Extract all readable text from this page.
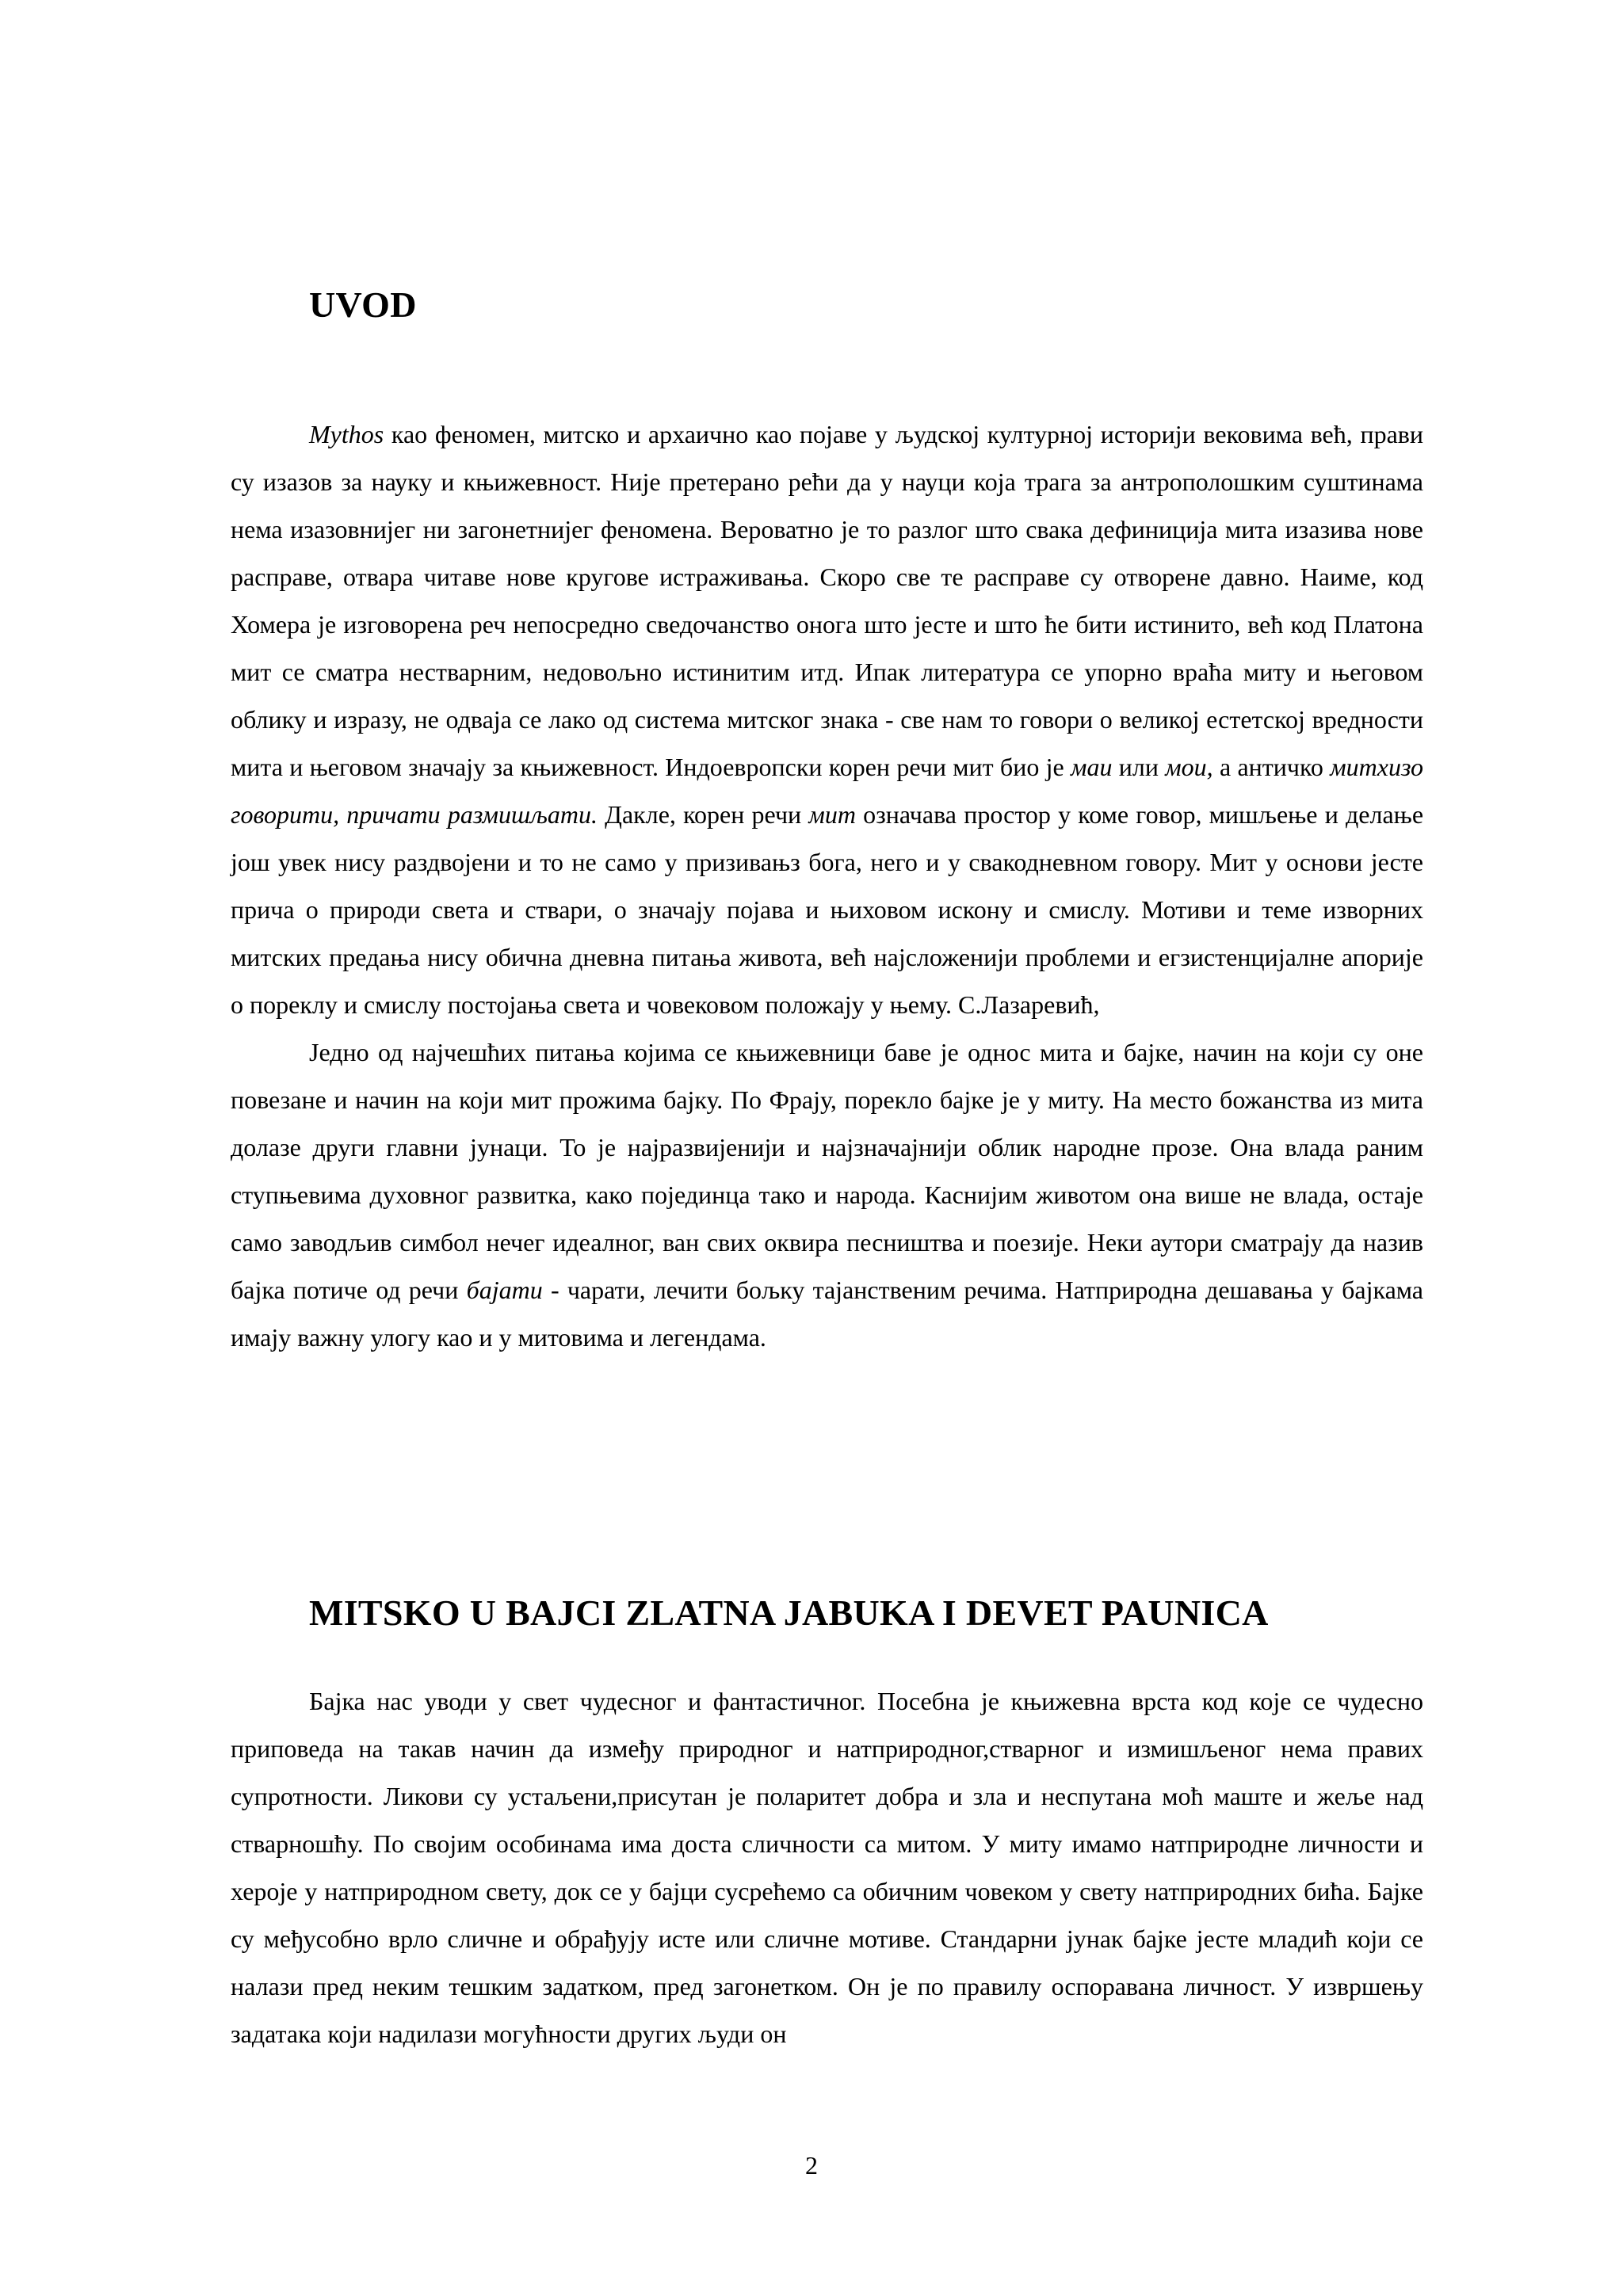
UVOD

Mythos као феномен, митско и архаично као појаве у људској културној историји вековима већ, прави су изазов за науку и књижевност. Није претерано рећи да у науци која трага за антрополошким суштинама нема изазовнијег ни загонетнијег феномена. Вероватно је то разлог што свака дефиниција мита изазива нове расправе, отвара читаве нове кругове истраживања. Скоро све те расправе су отворене давно. Наиме, код Хомера је изговорена реч непосредно сведочанство онога што јесте и што ће бити истинито, већ код Платона мит се сматра нестварним, недовољно истинитим итд. Ипак литература се упорно враћа миту и његовом облику и изразу, не одваја се лако од система митског знака - све нам то говори о великој естетској вредности мита и његовом значају за књижевност. Индоевропски корен речи мит био је маи или мои, а античко митхизо говорити, причати размишљати. Дакле, корен речи мит означава простор у коме говор, мишљење и делање још увек нису раздвојени и то не само у призивањз бога, него и у свакодневном говору. Мит у основи јесте прича о природи света и ствари, о значају појава и њиховом искону и смислу. Мотиви и теме изворних митских предања нису обична дневна питања живота, већ најсложенији проблеми и егзистенцијалне апорије о пореклу и смислу постојања света и човековом положају у њему. С.Лазаревић,

Једно од најчешћих питања којима се књижевници баве је однос мита и бајке, начин на који су оне повезане и начин на који мит прожима бајку. По Фрају, порекло бајке је у миту. На место божанства из мита долазе други главни јунаци. То је најразвијенији и најзначајнији облик народне прозе. Она влада раним ступњевима духовног развитка, како појединца тако и народа. Каснијим животом она више не влада, остаје само заводљив симбол нечег идеалног, ван свих оквира песништва и поезије. Неки аутори сматрају да назив бајка потиче од речи бајати - чарати, лечити бољку тајанственим речима. Натприродна дешавања у бајкама имају важну улогу као и у митовима и легендама.

MITSKO U BAJCI ZLATNA JABUKA I DEVET PAUNICA

Бајка нас уводи у свет чудесног и фантастичног. Посебна је књижевна врста код које се чудесно приповеда на такав начин да између природног и натприродног,стварног и измишљеног нема правих супротности. Ликови су устаљени,присутан је поларитет добра и зла и неспутана моћ маште и жеље над стварношћу. По својим особинама има доста сличности са митом. У миту имамо натприродне личности и хероје у натприродном свету, док се у бајци сусрећемо са обичним човеком у свету натприродних бића. Бајке су међусобно врло сличне и обрађују исте или сличне мотиве. Стандарни јунак бајке јесте младић који се налази пред неким тешким задатком, пред загонетком. Он је по правилу оспоравана личност. У извршењу задатака који надилази могућности других људи он

2
